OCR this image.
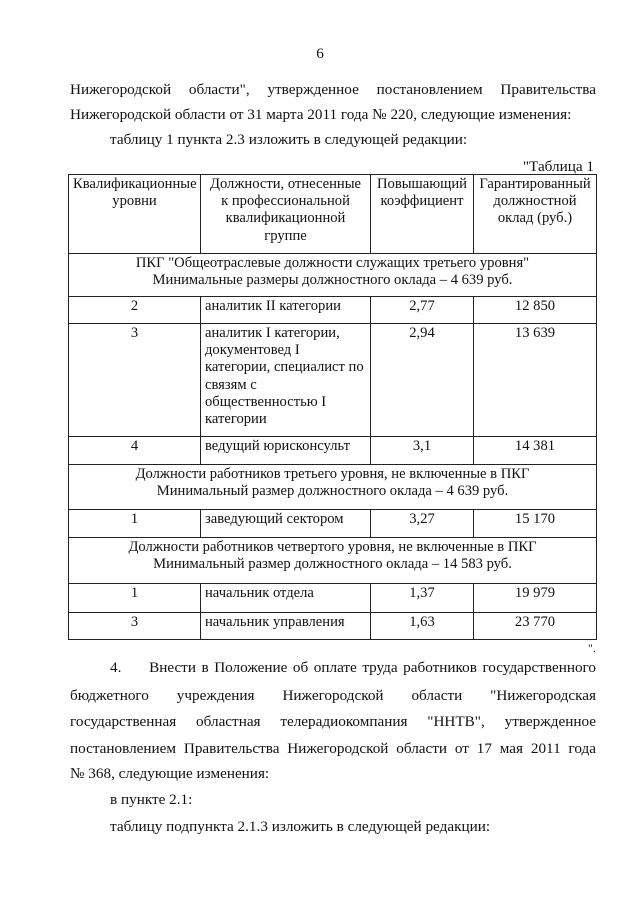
6
Нижегородской области", утвержденное постановлением Правительства
Нижегородской области от 31 марта 2011 года № 220, следующие изменения:
таблицу 1 пункта 2.3 изложить в следующей редакции:
"Таблица 1
Квалификационные уровни	Должности, отнесенные к профессиональной квалификационной группе	Повышающий коэффициент	Гарантированный должностной оклад (руб.)

ПКГ "Общеотраслевые должности служащих третьего уровня"
Минимальные размеры должностного оклада – 4 639 руб.			

2	аналитик II категории	2,77	12 850
3	аналитик I категории, документовед I категории, специалист по связям с общественностью I категории	2,94	13 639
4	ведущий юрисконсульт	3,1	14 381

Должности работников третьего уровня, не включенные в ПКГ
Минимальный размер должностного оклада – 4 639 руб.			

1	заведующий сектором	3,27	15 170

Должности работников четвертого уровня, не включенные в ПКГ
Минимальный размер должностного оклада – 14 583 руб.			

1	начальник отдела	1,37	19 979
3	начальник управления	1,63	23 770
".
4.     Внести в Положение об оплате труда работников государственного
бюджетного учреждения Нижегородской области "Нижегородская
государственная областная телерадиокомпания "ННТВ", утвержденное
постановлением Правительства Нижегородской области от 17 мая 2011 года
№ 368, следующие изменения:
в пункте 2.1:
таблицу подпункта 2.1.3 изложить в следующей редакции:
